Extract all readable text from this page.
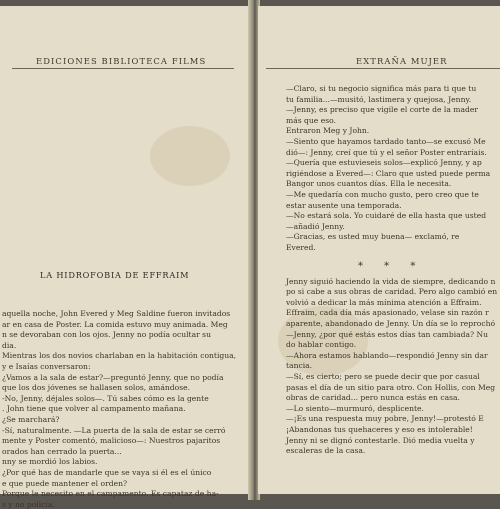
EDICIONES BIBLIOTECA FILMS
LA HIDROFOBIA DE EFFRAIM
aquella noche, John Evered y Meg Saldine fueron invitados
ar en casa de Poster. La comida estuvo muy animada. Meg
n se devoraban con los ojos. Jenny no podía ocultar su
dia.
Mientras los dos novios charlaban en la habitación contigua,
y e Isaías conversaron:
¿Vamos a la sala de estar?—preguntó Jenny, que no podía
que los dos jóvenes se hallasen solos, amándose.
-No, Jenny, déjales solos—. Tú sabes cómo es la gente
. John tiene que volver al campamento mañana.
¿Se marchará?
-Sí, naturalmente. —La puerta de la sala de estar se cerró
mente y Poster comentó, malicioso—: Nuestros pajaritos
orados han cerrado la puerta...
nny se mordió los labios.
¿Por qué has de mandarle que se vaya si él es el único
e que puede mantener el orden?
Porque le necesito en el campamento. Es capataz de ha-
s y no policía.
EXTRAÑA MUJER
* * *
—Claro, si tu negocio significa más para ti que tu
tu familia...—musitó, lastimera y quejosa, Jenny.
—Jenny, es preciso que vigile el corte de la mader
más que eso.
Entraron Meg y John.
—Siento que hayamos tardado tanto—se excusó Me
dió—: Jenny, creí que tú y el señor Poster entraríais.
—Quería que estuvieseis solos—explicó Jenny, y ap
rigiéndose a Evered—: Claro que usted puede perma
Bangor unos cuantos días. Ella le necesita.
—Me quedaría con mucho gusto, pero creo que te
estar ausente una temporada.
—No estará sola. Yo cuidaré de ella hasta que usted
—añadió Jenny.
—Gracias, es usted muy buena— exclamó, re
Evered.
Jenny siguió haciendo la vida de siempre, dedicando n
po si cabe a sus obras de caridad. Pero algo cambió en
volvió a dedicar la más mínima atención a Effraim.
Effraim, cada día más apasionado, velase sin razón r
aparente, abandonado de Jenny. Un día se lo reprochó
—Jenny, ¿por qué estás estos días tan cambiada? Nu
do hablar contigo.
—Ahora estamos hablando—respondió Jenny sin dar
tancia.
—Sí, es cierto; pero se puede decir que por casual
pasas el día de un sitio para otro. Con Hollis, con Meg
obras de caridad... pero nunca estás en casa.
—Lo siento—murmuró, desplicente.
—¡Es una respuesta muy pobre, Jenny!—protestó E
¡Abandonas tus quehaceres y eso es intolerable!
Jenny ni se dignó contestarle. Dió media vuelta y
escaleras de la casa.
